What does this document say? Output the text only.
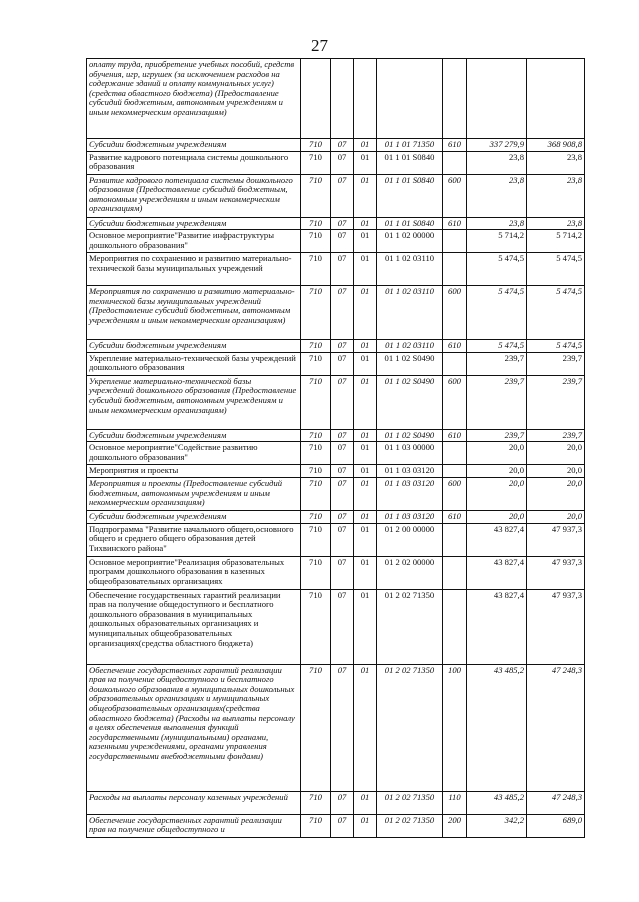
27
оплату труда, приобретение учебных пособий, средств обучения, игр, игрушек (за исключением расходов на содержание зданий и оплату коммунальных услуг)(средства областного бюджета) (Предоставление субсидий бюджетным, автономным учреждениям и иным некоммерческим организациям)							
Субсидии бюджетным учреждениям	710	07	01	01 1 01 71350	610	337 279,9	368 908,8
Развитие кадрового потенциала системы дошкольного образования	710	07	01	01 1 01 S0840		23,8	23,8
Развитие кадрового потенциала системы дошкольного образования (Предоставление субсидий бюджетным, автономным учреждениям и иным некоммерческим организациям)	710	07	01	01 1 01 S0840	600	23,8	23,8
Субсидии бюджетным учреждениям	710	07	01	01 1 01 S0840	610	23,8	23,8
Основное мероприятие"Развитие инфраструктуры дошкольного образования"	710	07	01	01 1 02 00000		5 714,2	5 714,2
Мероприятия по сохранению и развитию материально-технической базы муниципальных учреждений	710	07	01	01 1 02 03110		5 474,5	5 474,5
Мероприятия по сохранению и развитию материально-технической базы муниципальных учреждений (Предоставление субсидий бюджетным, автономным учреждениям и иным некоммерческим организациям)	710	07	01	01 1 02 03110	600	5 474,5	5 474,5
Субсидии бюджетным учреждениям	710	07	01	01 1 02 03110	610	5 474,5	5 474,5
Укрепление материально-технической базы учреждений дошкольного образования	710	07	01	01 1 02 S0490		239,7	239,7
Укрепление материально-технической базы учреждений дошкольного образования (Предоставление субсидий бюджетным, автономным учреждениям и иным некоммерческим организациям)	710	07	01	01 1 02 S0490	600	239,7	239,7
Субсидии бюджетным учреждениям	710	07	01	01 1 02 S0490	610	239,7	239,7
Основное мероприятие"Содействие развитию дошкольного образования"	710	07	01	01 1 03 00000		20,0	20,0
Мероприятия и проекты	710	07	01	01 1 03 03120		20,0	20,0
Мероприятия и проекты (Предоставление субсидий бюджетным, автономным учреждениям и иным некоммерческим организациям)	710	07	01	01 1 03 03120	600	20,0	20,0
Субсидии бюджетным учреждениям	710	07	01	01 1 03 03120	610	20,0	20,0
Подпрограмма "Развитие начального общего,основного общего и среднего общего образования детей Тихвинского района"	710	07	01	01 2 00 00000		43 827,4	47 937,3
Основное мероприятие"Реализация образовательных программ дошкольного образования в казенных общеобразовательных организациях	710	07	01	01 2 02 00000		43 827,4	47 937,3
Обеспечение государственных гарантий реализации прав на получение общедоступного и бесплатного дошкольного образования в муниципальных дошкольных образовательных организациях и муниципальных общеобразовательных организациях(средства областного бюджета)	710	07	01	01 2 02 71350		43 827,4	47 937,3
Обеспечение государственных гарантий реализации прав на получение общедоступного и бесплатного дошкольного образования в муниципальных дошкольных образовательных организациях и муниципальных общеобразовательных организациях(средства областного бюджета) (Расходы на выплаты персоналу в целях обеспечения выполнения функций государственными (муниципальными) органами, казенными учреждениями, органами управления государственными внебюджетными фондами)	710	07	01	01 2 02 71350	100	43 485,2	47 248,3
Расходы на выплаты персоналу казенных учреждений	710	07	01	01 2 02 71350	110	43 485,2	47 248,3
Обеспечение государственных гарантий реализации прав на получение общедоступного и	710	07	01	01 2 02 71350	200	342,2	689,0
